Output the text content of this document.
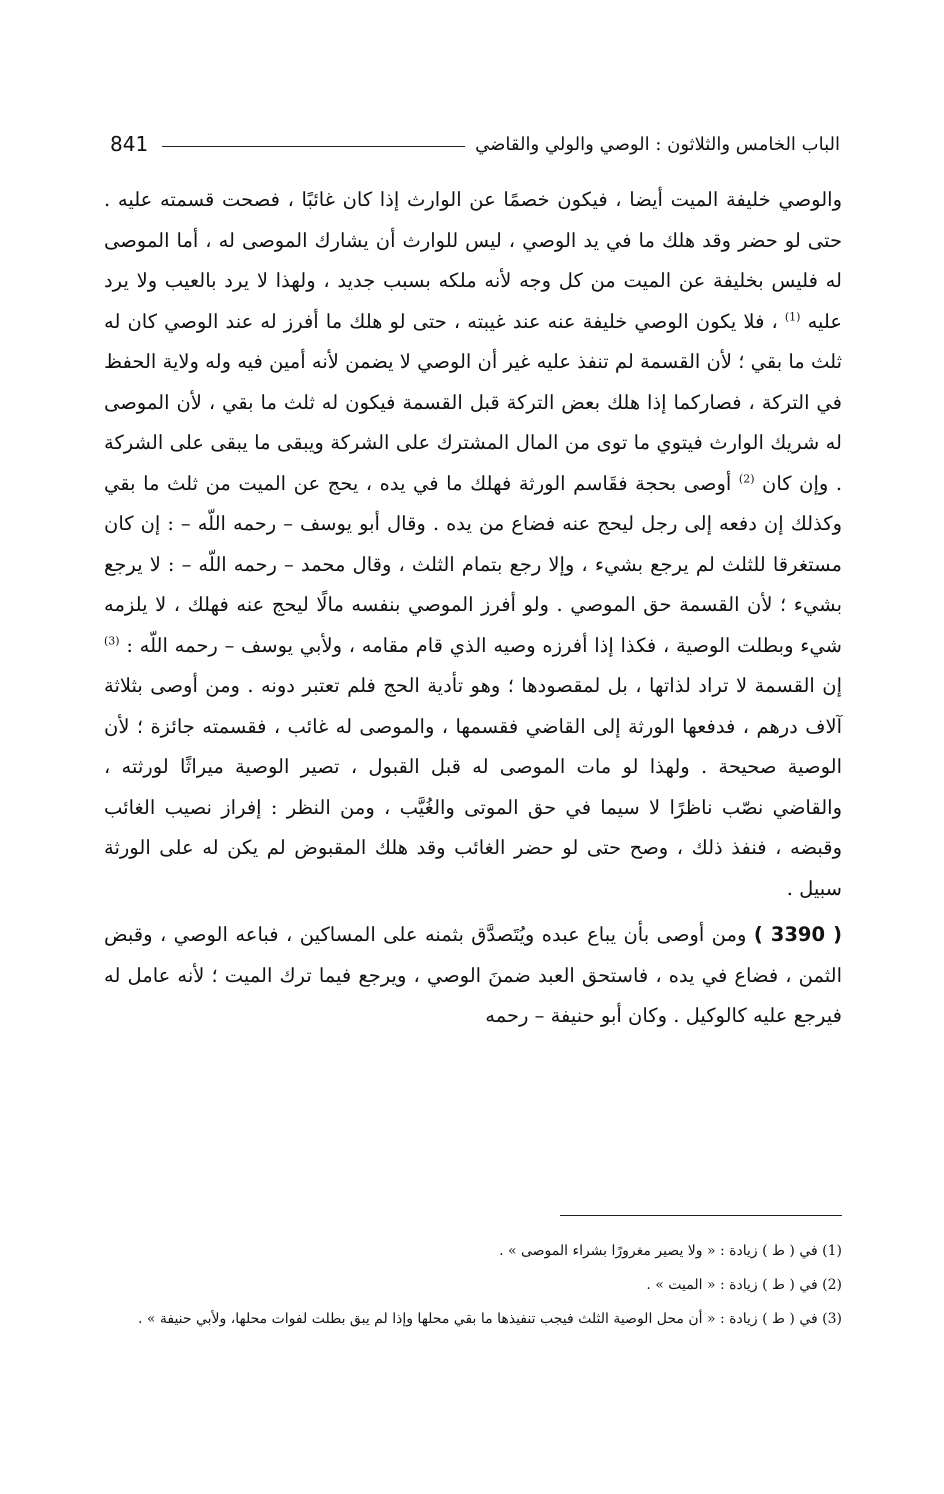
841	الباب الخامس والثلاثون : الوصي والولي والقاضي

والوصي خليفة الميت أيضا ، فيكون خصمًا عن الوارث إذا كان غائبًا ، فصحت قسمته عليه . حتى لو حضر وقد هلك ما في يد الوصي ، ليس للوارث أن يشارك الموصى له ، أما الموصى له فليس بخليفة عن الميت من كل وجه لأنه ملكه بسبب جديد ، ولهذا لا يرد بالعيب ولا يرد عليه $^{(1)}$ ، فلا يكون الوصي خليفة عنه عند غيبته ، حتى لو هلك ما أفرز له عند الوصي كان له ثلث ما بقي ؛ لأن القسمة لم تنفذ عليه غير أن الوصي لا يضمن لأنه أمين فيه وله ولاية الحفظ في التركة ، فصاركما إذا هلك بعض التركة قبل القسمة فيكون له ثلث ما بقي ، لأن الموصى له شريك الوارث فيتوي ما توى من المال المشترك على الشركة ويبقى ما يبقى على الشركة . وإن كان $^{(2)}$ أوصى بحجة فقَاسم الورثة فهلك ما في يده ، يحج عن الميت من ثلث ما بقي وكذلك إن دفعه إلى رجل ليحج عنه فضاع من يده . وقال أبو يوسف – رحمه اللّه – : إن كان مستغرقا للثلث لم يرجع بشيء ، وإلا رجع بتمام الثلث ، وقال محمد – رحمه اللّه – : لا يرجع بشيء ؛ لأن القسمة حق الموصي . ولو أفرز الموصي بنفسه مالًا ليحج عنه فهلك ، لا يلزمه شيء وبطلت الوصية ، فكذا إذا أفرزه وصيه الذي قام مقامه ، ولأبي يوسف – رحمه اللّه : $^{(3)}$ إن القسمة لا تراد لذاتها ، بل لمقصودها ؛ وهو تأدية الحج فلم تعتبر دونه . ومن أوصى بثلاثة آلاف درهم ، فدفعها الورثة إلى القاضي فقسمها ، والموصى له غائب ، فقسمته جائزة ؛ لأن الوصية صحيحة . ولهذا لو مات الموصى له قبل القبول ، تصير الوصية ميراثًا لورثته ، والقاضي نصّب ناظرًا لا سيما في حق الموتى والغُيَّب ، ومن النظر : إفراز نصيب الغائب وقبضه ، فنفذ ذلك ، وصح حتى لو حضر الغائب وقد هلك المقبوض لم يكن له على الورثة سبيل .

( 3390 ) ومن أوصى بأن يباع عبده ويُتَصدَّق بثمنه على المساكين ، فباعه الوصي ، وقبض الثمن ، فضاع في يده ، فاستحق العبد ضمنَ الوصي ، ويرجع فيما ترك الميت ؛ لأنه عامل له فيرجع عليه كالوكيل . وكان أبو حنيفة – رحمه

(1) في ( ط ) زيادة : « ولا يصير مغرورًا بشراء الموصى » .

(2) في ( ط ) زيادة : « الميت » .

(3) في ( ط ) زيادة : « أن محل الوصية الثلث فيجب تنفيذها ما بقي محلها وإذا لم يبق بطلت لفوات محلها، ولأبي حنيفة » .
